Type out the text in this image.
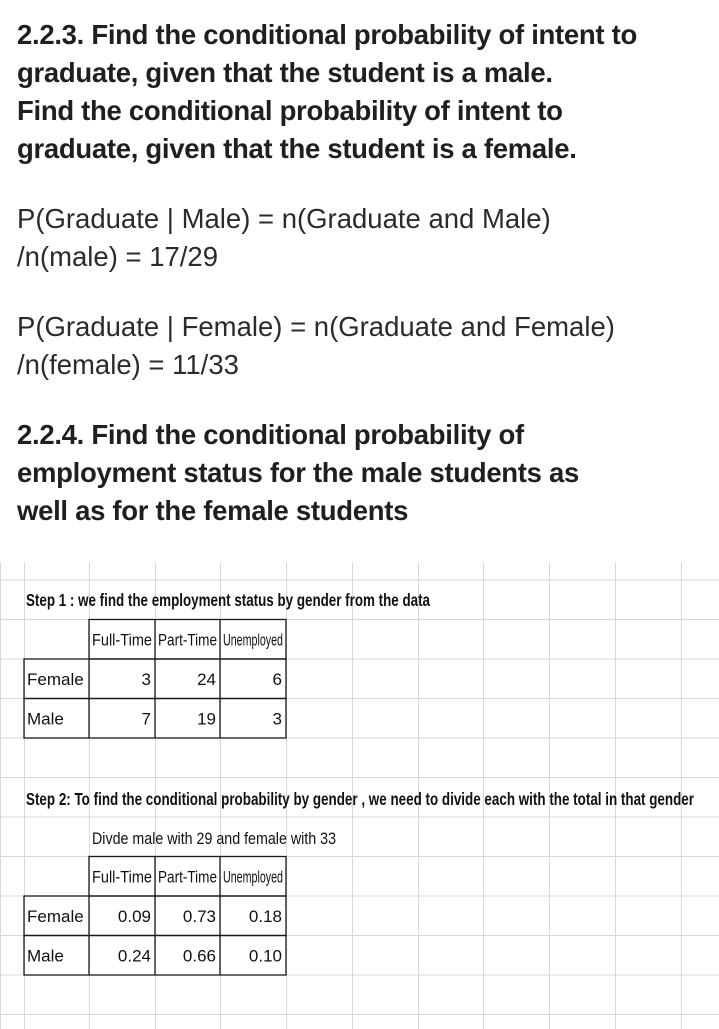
2.2.3. Find the conditional probability of intent to
graduate, given that the student is a male.
Find the conditional probability of intent to
graduate, given that the student is a female.

P(Graduate | Male) = n(Graduate and Male)
/n(male) = 17/29

P(Graduate | Female) = n(Graduate and Female)
/n(female) = 11/33

2.2.4. Find the conditional probability of
employment status for the male students as
well as for the female students

Full-Time Part-Time Unemployed
Female	3	24	6
Male	7	19	3
Full-Time Part-Time Unemployed
Female 0.09 0.73 0.18
Male	0.24 0.66 0.10
Step 1 : we find the employment status by gender from the data
Step 2: To find the conditional probability by gender , we need to divide each with the total in that gender
Divde male with 29 and female with 33
